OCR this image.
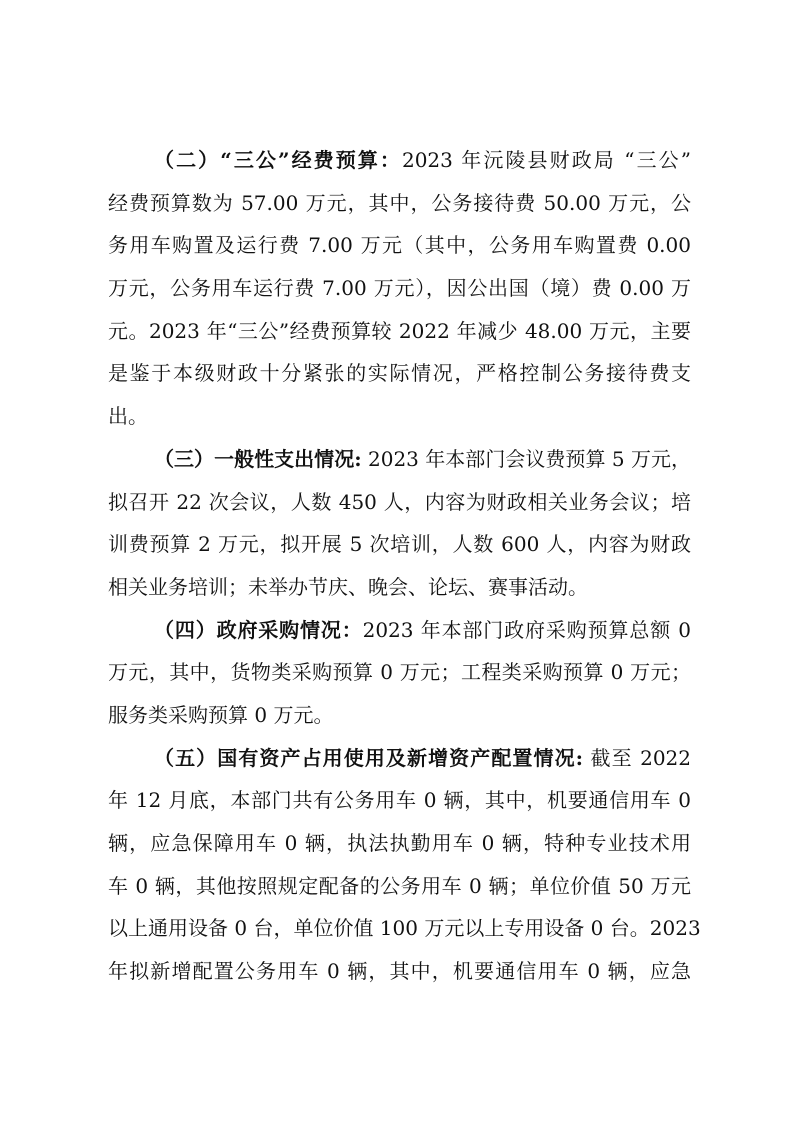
（二）“三公”经费预算：2023 年沅陵县财政局 “三公”
经费预算数为 57.00 万元，其中，公务接待费 50.00 万元，公
务用车购置及运行费 7.00 万元（其中，公务用车购置费 0.00
万元，公务用车运行费 7.00 万元），因公出国（境）费 0.00 万
元。2023 年“三公”经费预算较 2022 年减少 48.00 万元，主要
是鉴于本级财政十分紧张的实际情况，严格控制公务接待费支
出。
（三）一般性支出情况: 2023 年本部门会议费预算 5 万元，
拟召开 22 次会议，人数 450 人，内容为财政相关业务会议；培
训费预算 2 万元，拟开展 5 次培训，人数 600 人，内容为财政
相关业务培训；未举办节庆、晚会、论坛、赛事活动。
（四）政府采购情况：2023 年本部门政府采购预算总额 0
万元，其中，货物类采购预算 0 万元；工程类采购预算 0 万元；
服务类采购预算 0 万元。
（五）国有资产占用使用及新增资产配置情况: 截至 2022
年 12 月底，本部门共有公务用车 0 辆，其中，机要通信用车 0
辆，应急保障用车 0 辆，执法执勤用车 0 辆，特种专业技术用
车 0 辆，其他按照规定配备的公务用车 0 辆；单位价值 50 万元
以上通用设备 0 台，单位价值 100 万元以上专用设备 0 台。2023
年拟新增配置公务用车 0 辆，其中，机要通信用车 0 辆，应急
